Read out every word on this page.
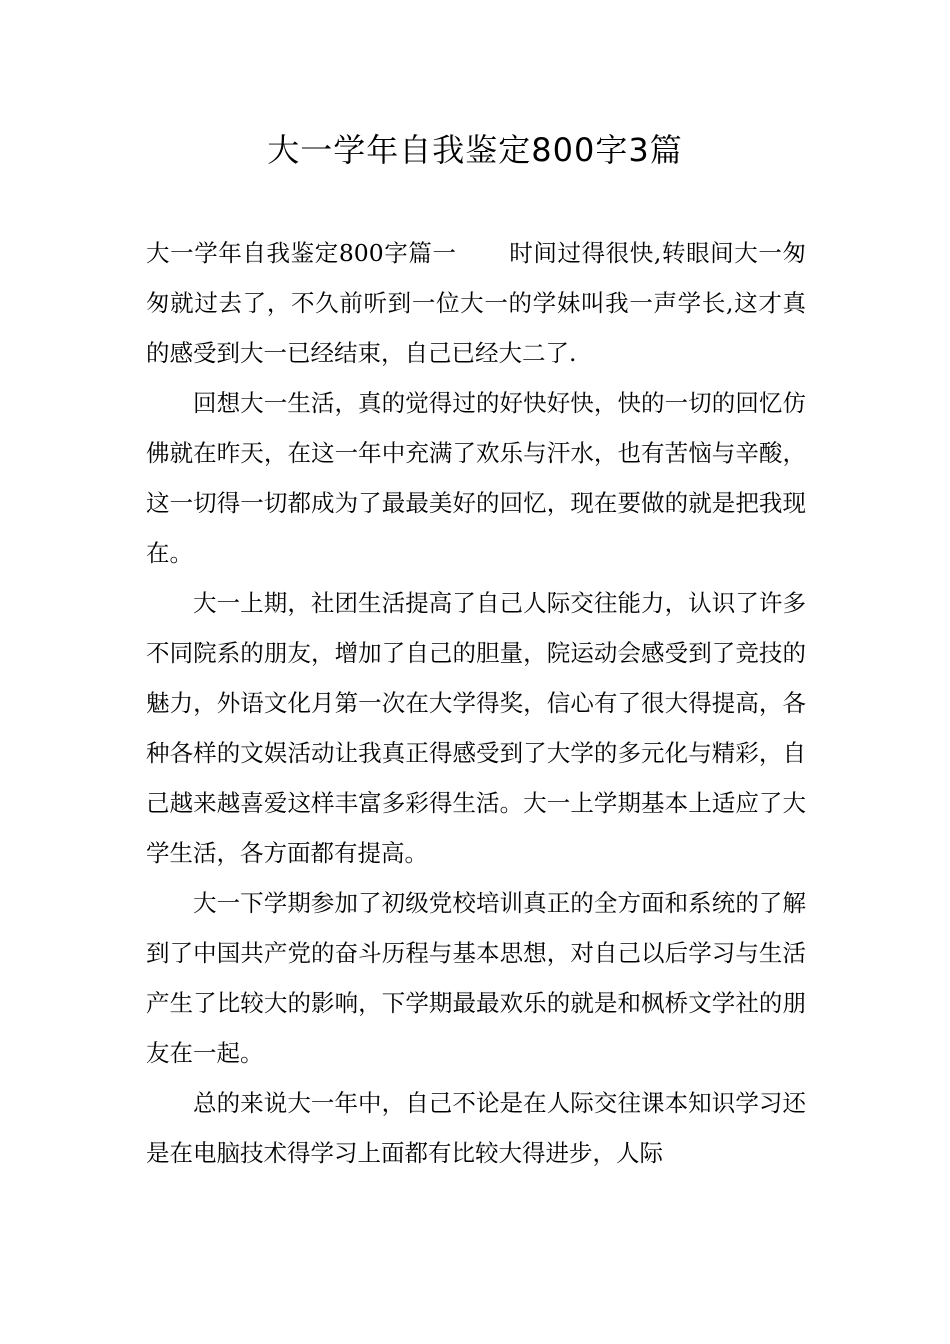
大一学年自我鉴定800字3篇

大一学年自我鉴定800字篇一 时间过得很快,转眼间大一匆匆就过去了，不久前听到一位大一的学妹叫我一声学长,这才真的感受到大一已经结束，自己已经大二了.

回想大一生活，真的觉得过的好快好快，快的一切的回忆仿佛就在昨天，在这一年中充满了欢乐与汗水，也有苦恼与辛酸，这一切得一切都成为了最最美好的回忆，现在要做的就是把我现在。

大一上期，社团生活提高了自己人际交往能力，认识了许多不同院系的朋友，增加了自己的胆量，院运动会感受到了竞技的魅力，外语文化月第一次在大学得奖，信心有了很大得提高，各种各样的文娱活动让我真正得感受到了大学的多元化与精彩，自己越来越喜爱这样丰富多彩得生活。大一上学期基本上适应了大学生活，各方面都有提高。

大一下学期参加了初级党校培训真正的全方面和系统的了解到了中国共产党的奋斗历程与基本思想，对自己以后学习与生活产生了比较大的影响，下学期最最欢乐的就是和枫桥文学社的朋友在一起。

总的来说大一年中，自己不论是在人际交往课本知识学习还是在电脑技术得学习上面都有比较大得进步，人际
